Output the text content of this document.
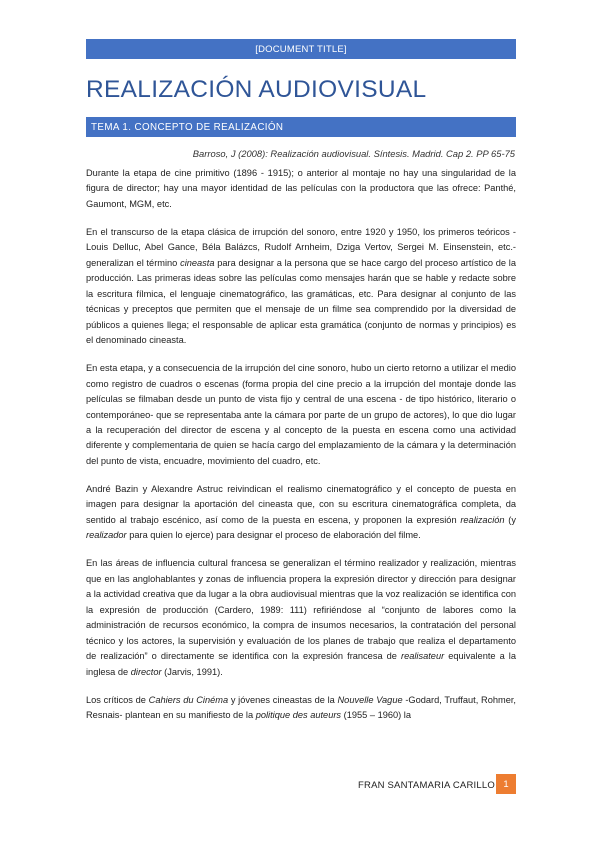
[DOCUMENT TITLE]
REALIZACIÓN AUDIOVISUAL
TEMA 1. CONCEPTO DE REALIZACIÓN
Barroso, J (2008): Realización audiovisual. Síntesis. Madrid. Cap 2. PP 65-75

Durante la etapa de cine primitivo (1896 - 1915); o anterior al montaje no hay una singularidad de la figura de director; hay una mayor identidad de las películas con la productora que las ofrece: Panthé, Gaumont, MGM, etc.

En el transcurso de la etapa clásica de irrupción del sonoro, entre 1920 y 1950, los primeros teóricos -Louis Delluc, Abel Gance, Béla Balázcs, Rudolf Arnheim, Dziga Vertov, Sergei M. Einsenstein, etc.- generalizan el término cineasta para designar a la persona que se hace cargo del proceso artístico de la producción. Las primeras ideas sobre las películas como mensajes harán que se hable y redacte sobre la escritura fílmica, el lenguaje cinematográfico, las gramáticas, etc. Para designar al conjunto de las técnicas y preceptos que permiten que el mensaje de un filme sea comprendido por la diversidad de públicos a quienes llega; el responsable de aplicar esta gramática (conjunto de normas y principios) es el denominado cineasta.

En esta etapa, y a consecuencia de la irrupción del cine sonoro, hubo un cierto retorno a utilizar el medio como registro de cuadros o escenas (forma propia del cine precio a la irrupción del montaje donde las películas se filmaban desde un punto de vista fijo y central de una escena - de tipo histórico, literario o contemporáneo- que se representaba ante la cámara por parte de un grupo de actores), lo que dio lugar a la recuperación del director de escena y al concepto de la puesta en escena como una actividad diferente y complementaria de quien se hacía cargo del emplazamiento de la cámara y la determinación del punto de vista, encuadre, movimiento del cuadro, etc.

André Bazin y Alexandre Astruc reivindican el realismo cinematográfico y el concepto de puesta en imagen para designar la aportación del cineasta que, con su escritura cinematográfica completa, da sentido al trabajo escénico, así como de la puesta en escena, y proponen la expresión realización (y realizador para quien lo ejerce) para designar el proceso de elaboración del filme.

En las áreas de influencia cultural francesa se generalizan el término realizador y realización, mientras que en las anglohablantes y zonas de influencia propera la expresión director y dirección para designar a la actividad creativa que da lugar a la obra audiovisual mientras que la voz realización se identifica con la expresión de producción (Cardero, 1989: 111) refiriéndose al “conjunto de labores como la administración de recursos económico, la compra de insumos necesarios, la contratación del personal técnico y los actores, la supervisión y evaluación de los planes de trabajo que realiza el departamento de realización” o directamente se identifica con la expresión francesa de realisateur equivalente a la inglesa de director (Jarvis, 1991).

Los críticos de Cahiers du Cinéma y jóvenes cineastas de la Nouvelle Vague -Godard, Truffaut, Rohmer, Resnais- plantean en su manifiesto de la politique des auteurs (1955 – 1960) la

FRAN SANTAMARIA CARILLO 1
